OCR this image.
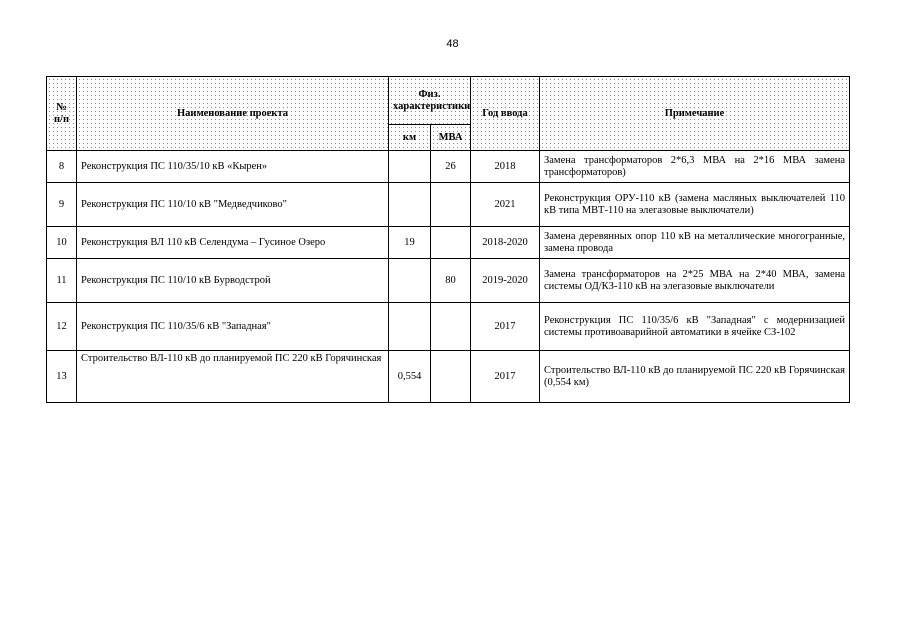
48
№ п/п	Наименование проекта	Физ. характеристики		Год ввода	Примечание
		км	МВА		
8	Реконструкция ПС 110/35/10 кВ «Кырен»		26	2018	Замена трансформаторов 2*6,3 МВА на 2*16 МВА замена трансформаторов)
9	Реконструкция ПС 110/10 кВ "Медведчиково"			2021	Реконструкция ОРУ-110 кВ (замена масляных выключателей 110 кВ типа МВТ-110 на элегазовые выключатели)
10	Реконструкция ВЛ 110 кВ Селендума – Гусиное Озеро	19		2018-2020	Замена деревянных опор 110 кВ на металлические многогранные, замена провода
11	Реконструкция ПС 110/10 кВ Бурводстрой		80	2019-2020	Замена трансформаторов на 2*25 МВА на 2*40 МВА, замена системы ОД/КЗ-110 кВ на элегазовые выключатели
12	Реконструкция ПС 110/35/6 кВ "Западная"			2017	Реконструкция ПС 110/35/6 кВ "Западная" с модернизацией системы противоаварийной автоматики в ячейке СЗ-102
13	Строительство ВЛ-110 кВ до планируемой ПС 220 кВ Горячинская	0,554		2017	Строительство ВЛ-110 кВ до планируемой ПС 220 кВ Горячинская (0,554 км)
